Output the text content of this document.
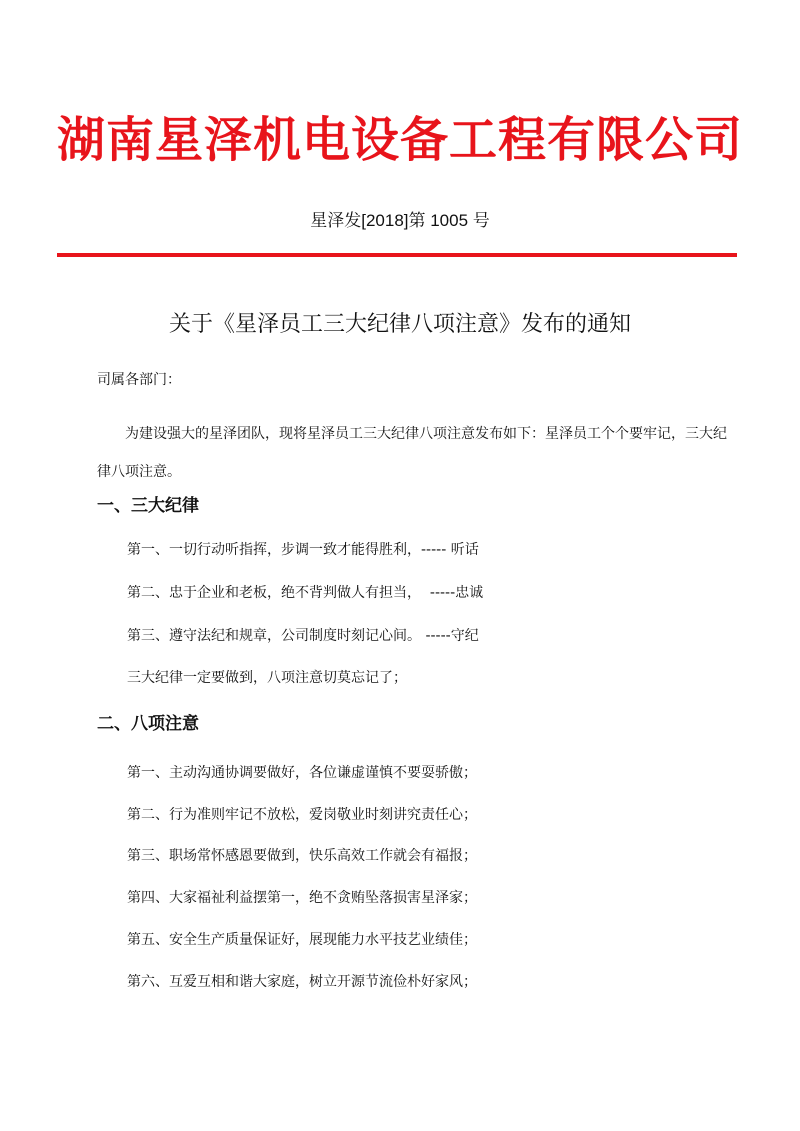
湖南星泽机电设备工程有限公司
星泽发[2018]第 1005 号
关于《星泽员工三大纪律八项注意》发布的通知
司属各部门：
为建设强大的星泽团队，现将星泽员工三大纪律八项注意发布如下：星泽员工个个要牢记，三大纪律八项注意。
一、三大纪律
第一、一切行动听指挥，步调一致才能得胜利，----- 听话
第二、忠于企业和老板，绝不背判做人有担当，  -----忠诚
第三、遵守法纪和规章，公司制度时刻记心间。 -----守纪
三大纪律一定要做到，八项注意切莫忘记了；
二、八项注意
第一、主动沟通协调要做好，各位谦虚谨慎不要耍骄傲；
第二、行为准则牢记不放松，爱岗敬业时刻讲究责任心；
第三、职场常怀感恩要做到，快乐高效工作就会有福报；
第四、大家福祉利益摆第一，绝不贪贿坠落损害星泽家；
第五、安全生产质量保证好，展现能力水平技艺业绩佳；
第六、互爱互相和谐大家庭，树立开源节流俭朴好家风；
